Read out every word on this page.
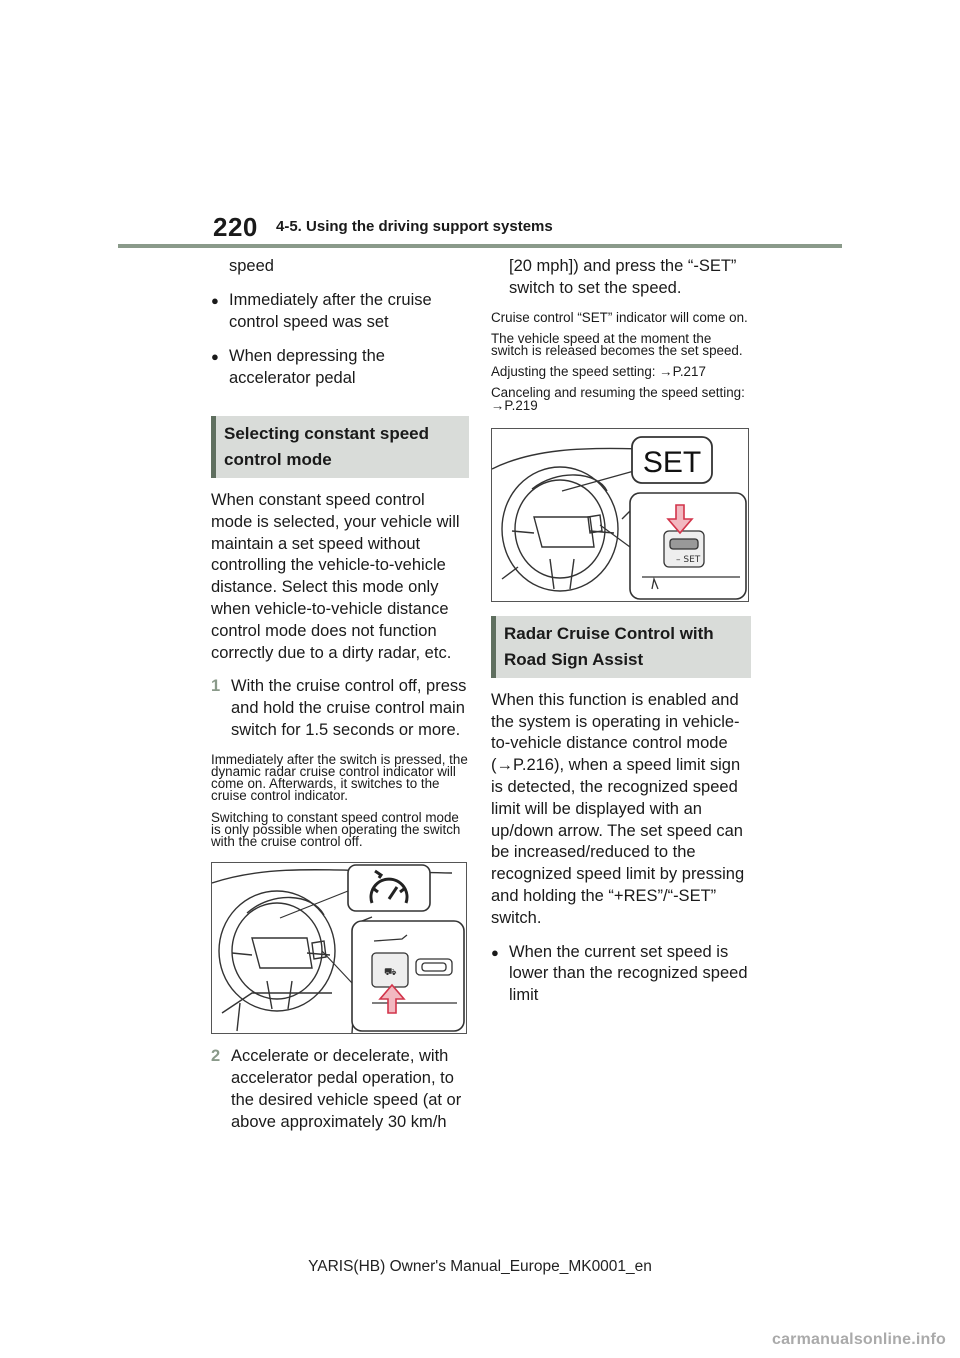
220 4-5. Using the driving support systems

speed

● Immediately after the cruise control speed was set

● When depressing the accelerator pedal

Selecting constant speed control mode

When constant speed control mode is selected, your vehicle will maintain a set speed without controlling the vehicle-to-vehicle distance. Select this mode only when vehicle-to-vehicle distance control mode does not function correctly due to a dirty radar, etc.

1 With the cruise control off, press and hold the cruise control main switch for 1.5 seconds or more.

Immediately after the switch is pressed, the dynamic radar cruise control indicator will come on. Afterwards, it switches to the cruise control indicator.

Switching to constant speed control mode is only possible when operating the switch with the cruise control off.

⛟
2 Accelerate or decelerate, with accelerator pedal operation, to the desired vehicle speed (at or above approximately 30 km/h

[20 mph]) and press the “-SET” switch to set the speed.

Cruise control “SET” indicator will come on.

The vehicle speed at the moment the switch is released becomes the set speed.

Adjusting the speed setting: →P.217

Canceling and resuming the speed setting: →P.219

SET
– SET
Radar Cruise Control with Road Sign Assist

When this function is enabled and the system is operating in vehicle-to-vehicle distance control mode (→P.216), when a speed limit sign is detected, the recognized speed limit will be displayed with an up/down arrow. The set speed can be increased/reduced to the recognized speed limit by pressing and holding the “+RES”/“-SET” switch.

● When the current set speed is lower than the recognized speed limit

YARIS(HB) Owner's Manual_Europe_MK0001_en
carmanualsonline.info
